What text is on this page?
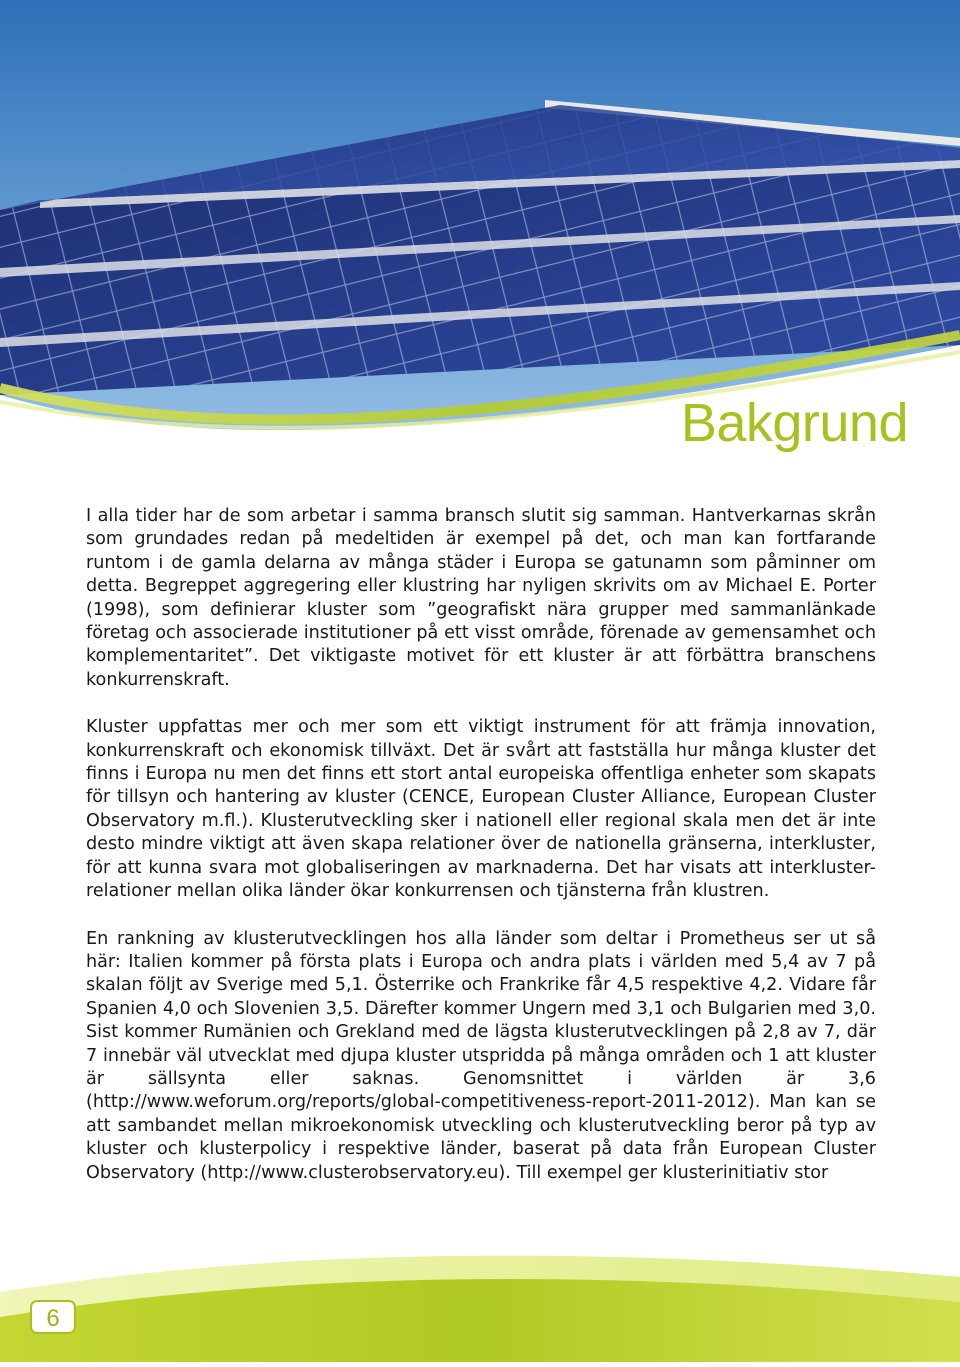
Bakgrund

I alla tider har de som arbetar i samma bransch slutit sig samman. Hantverkarnas skrån som grundades redan på medeltiden är exempel på det, och man kan fortfarande runtom i de gamla delarna av många städer i Europa se gatunamn som påminner om detta. Begreppet aggregering eller klustring har nyligen skrivits om av Michael E. Porter (1998), som definierar kluster som ”geografiskt nära grupper med sammanlänkade företag och associerade institutioner på ett visst område, förenade av gemensamhet och komplementaritet”. Det viktigaste motivet för ett kluster är att förbättra branschens konkurrenskraft.

Kluster uppfattas mer och mer som ett viktigt instrument för att främja innovation, konkurrenskraft och ekonomisk tillväxt. Det är svårt att fastställa hur många kluster det finns i Europa nu men det finns ett stort antal europeiska offentliga enheter som skapats för tillsyn och hantering av kluster (CENCE, European Cluster Alliance, European Cluster Observatory m.fl.). Klusterutveckling sker i nationell eller regional skala men det är inte desto mindre viktigt att även skapa relationer över de nationella gränserna, interkluster, för att kunna svara mot globaliseringen av marknaderna. Det har visats att interkluster-relationer mellan olika länder ökar konkurrensen och tjänsterna från klustren.

En rankning av klusterutvecklingen hos alla länder som deltar i Prometheus ser ut så här: Italien kommer på första plats i Europa och andra plats i världen med 5,4 av 7 på skalan följt av Sverige med 5,1. Österrike och Frankrike får 4,5 respektive 4,2. Vidare får Spanien 4,0 och Slovenien 3,5. Därefter kommer Ungern med 3,1 och Bulgarien med 3,0. Sist kommer Rumänien och Grekland med de lägsta klusterutvecklingen på 2,8 av 7, där 7 innebär väl utvecklat med djupa kluster utspridda på många områden och 1 att kluster är sällsynta eller saknas. Genomsnittet i världen är 3,6 (http://www.weforum.org/reports/global-competitiveness-report-2011-2012). Man kan se att sambandet mellan mikroekonomisk utveckling och klusterutveckling beror på typ av kluster och klusterpolicy i respektive länder, baserat på data från European Cluster Observatory (http://www.clusterobservatory.eu). Till exempel ger klusterinitiativ stor

6
